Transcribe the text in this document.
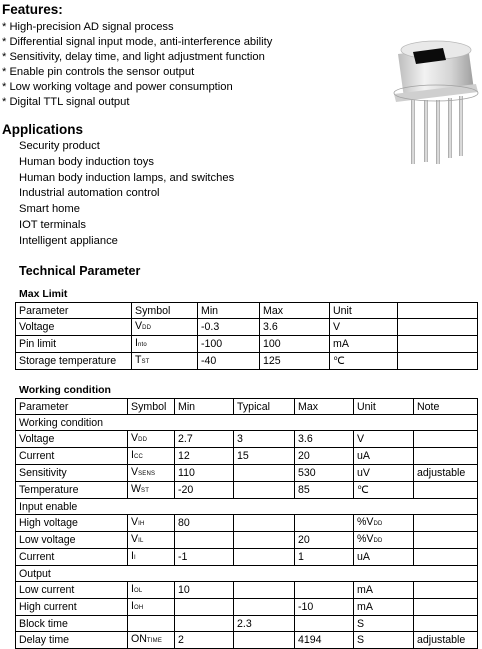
Features:
* High-precision AD signal process
* Differential signal input mode, anti-interference ability
* Sensitivity, delay time, and light adjustment function
* Enable pin controls the sensor output
* Low working voltage and power consumption
* Digital TTL signal output
Applications
Security product
Human body induction toys
Human body induction lamps, and switches
Industrial automation control
Smart home
IOT terminals
Intelligent appliance
Technical Parameter
Max Limit
Parameter	Symbol	Min	Max	Unit	
Voltage	VDD	-0.3	3.6	V	
Pin limit	Into	-100	100	mA	
Storage temperature	TST	-40	125	℃	
Working condition
Parameter	Symbol	Min	Typical	Max	Unit	Note
Working condition						
Voltage	VDD	2.7	3	3.6	V	
Current	ICC	12	15	20	uA	
Sensitivity	VSENS	110		530	uV	adjustable
Temperature	WST	-20		85	℃	
Input enable						
High voltage	VIH	80			%VDD	
Low voltage	VIL			20	%VDD	
Current	II	-1		1	uA	
Output						
Low current	IOL	10			mA	
High current	IOH			-10	mA	
Block time			2.3		S	
Delay time	ONTIME	2		4194	S	adjustable
